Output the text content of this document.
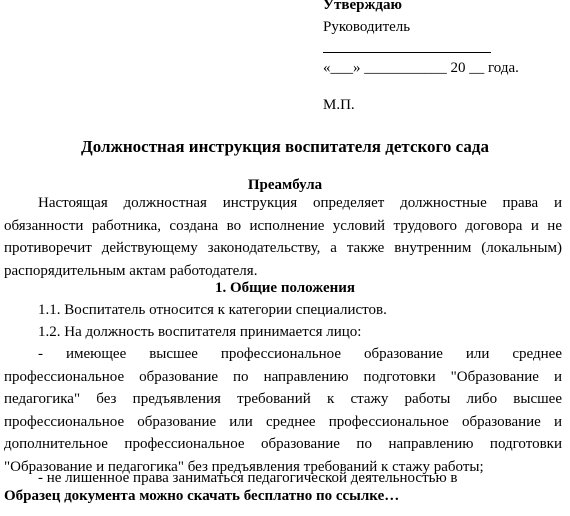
Утверждаю
Руководитель
«___» ___________ 20 __ года.
М.П.
Должностная инструкция воспитателя детского сада
Преамбула
Настоящая должностная инструкция определяет должностные права и обязанности работника, создана во исполнение условий трудового договора и не противоречит действующему законодательству, а также внутренним (локальным) распорядительным актам работодателя.
1. Общие положения
1.1. Воспитатель относится к категории специалистов.
1.2. На должность воспитателя принимается лицо:
- имеющее высшее профессиональное образование или среднее профессиональное образование по направлению подготовки "Образование и педагогика" без предъявления требований к стажу работы либо высшее профессиональное образование или среднее профессиональное образование и дополнительное профессиональное образование по направлению подготовки "Образование и педагогика" без предъявления требований к стажу работы;
- не лишенное права заниматься педагогической деятельностью в
Образец документа можно скачать бесплатно по ссылке…
